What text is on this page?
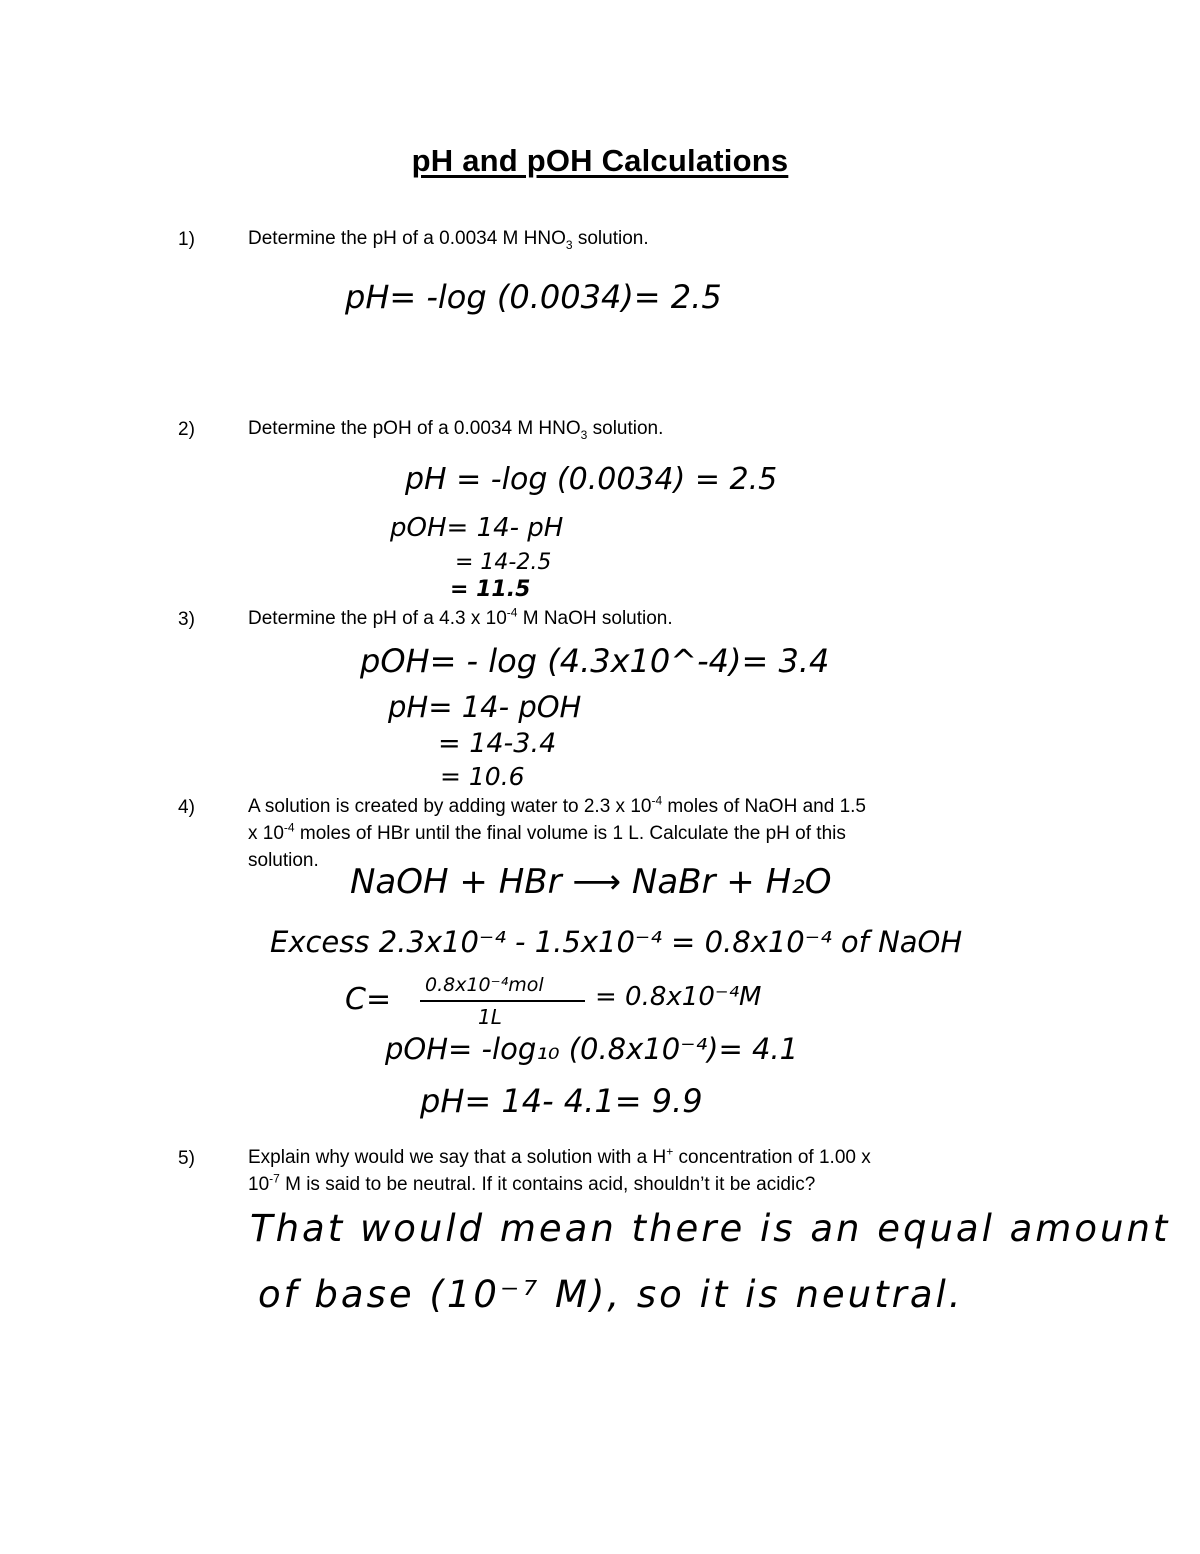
pH and pOH Calculations
1)	Determine the pH of a 0.0034 M $HNO_3$ solution.
pH= -log (0.0034)= 2.5
2)	Determine the pOH of a 0.0034 M $HNO_3$ solution.
pH = -log (0.0034) = 2.5
pOH= 14- pH
= 14-2.5
= 11.5
3)	Determine the pH of a 4.3 x $10^{-4}$ M NaOH solution.
pOH= - log (4.3x10^-4)= 3.4
pH= 14- pOH
= 14-3.4
= 10.6
4)	A solution is created by adding water to 2.3 x $10^{-4}$ moles of NaOH and 1.5
x $10^{-4}$ moles of HBr until the final volume is 1 L. Calculate the pH of this
solution.
NaOH + HBr ⟶ NaBr + H₂O
Excess 2.3x10⁻⁴ - 1.5x10⁻⁴ = 0.8x10⁻⁴ of NaOH
C= 0.8x10⁻⁴mol
1L
= 0.8x10⁻⁴M
pOH= -log₁₀ (0.8x10⁻⁴)= 4.1
pH= 14- 4.1= 9.9
5)	Explain why would we say that a solution with a H+ concentration of 1.00 x
$10^{-7}$ M is said to be neutral. If it contains acid, shouldn’t it be acidic?
That would mean there is an equal amount
of base (10⁻⁷ M), so it is neutral.
